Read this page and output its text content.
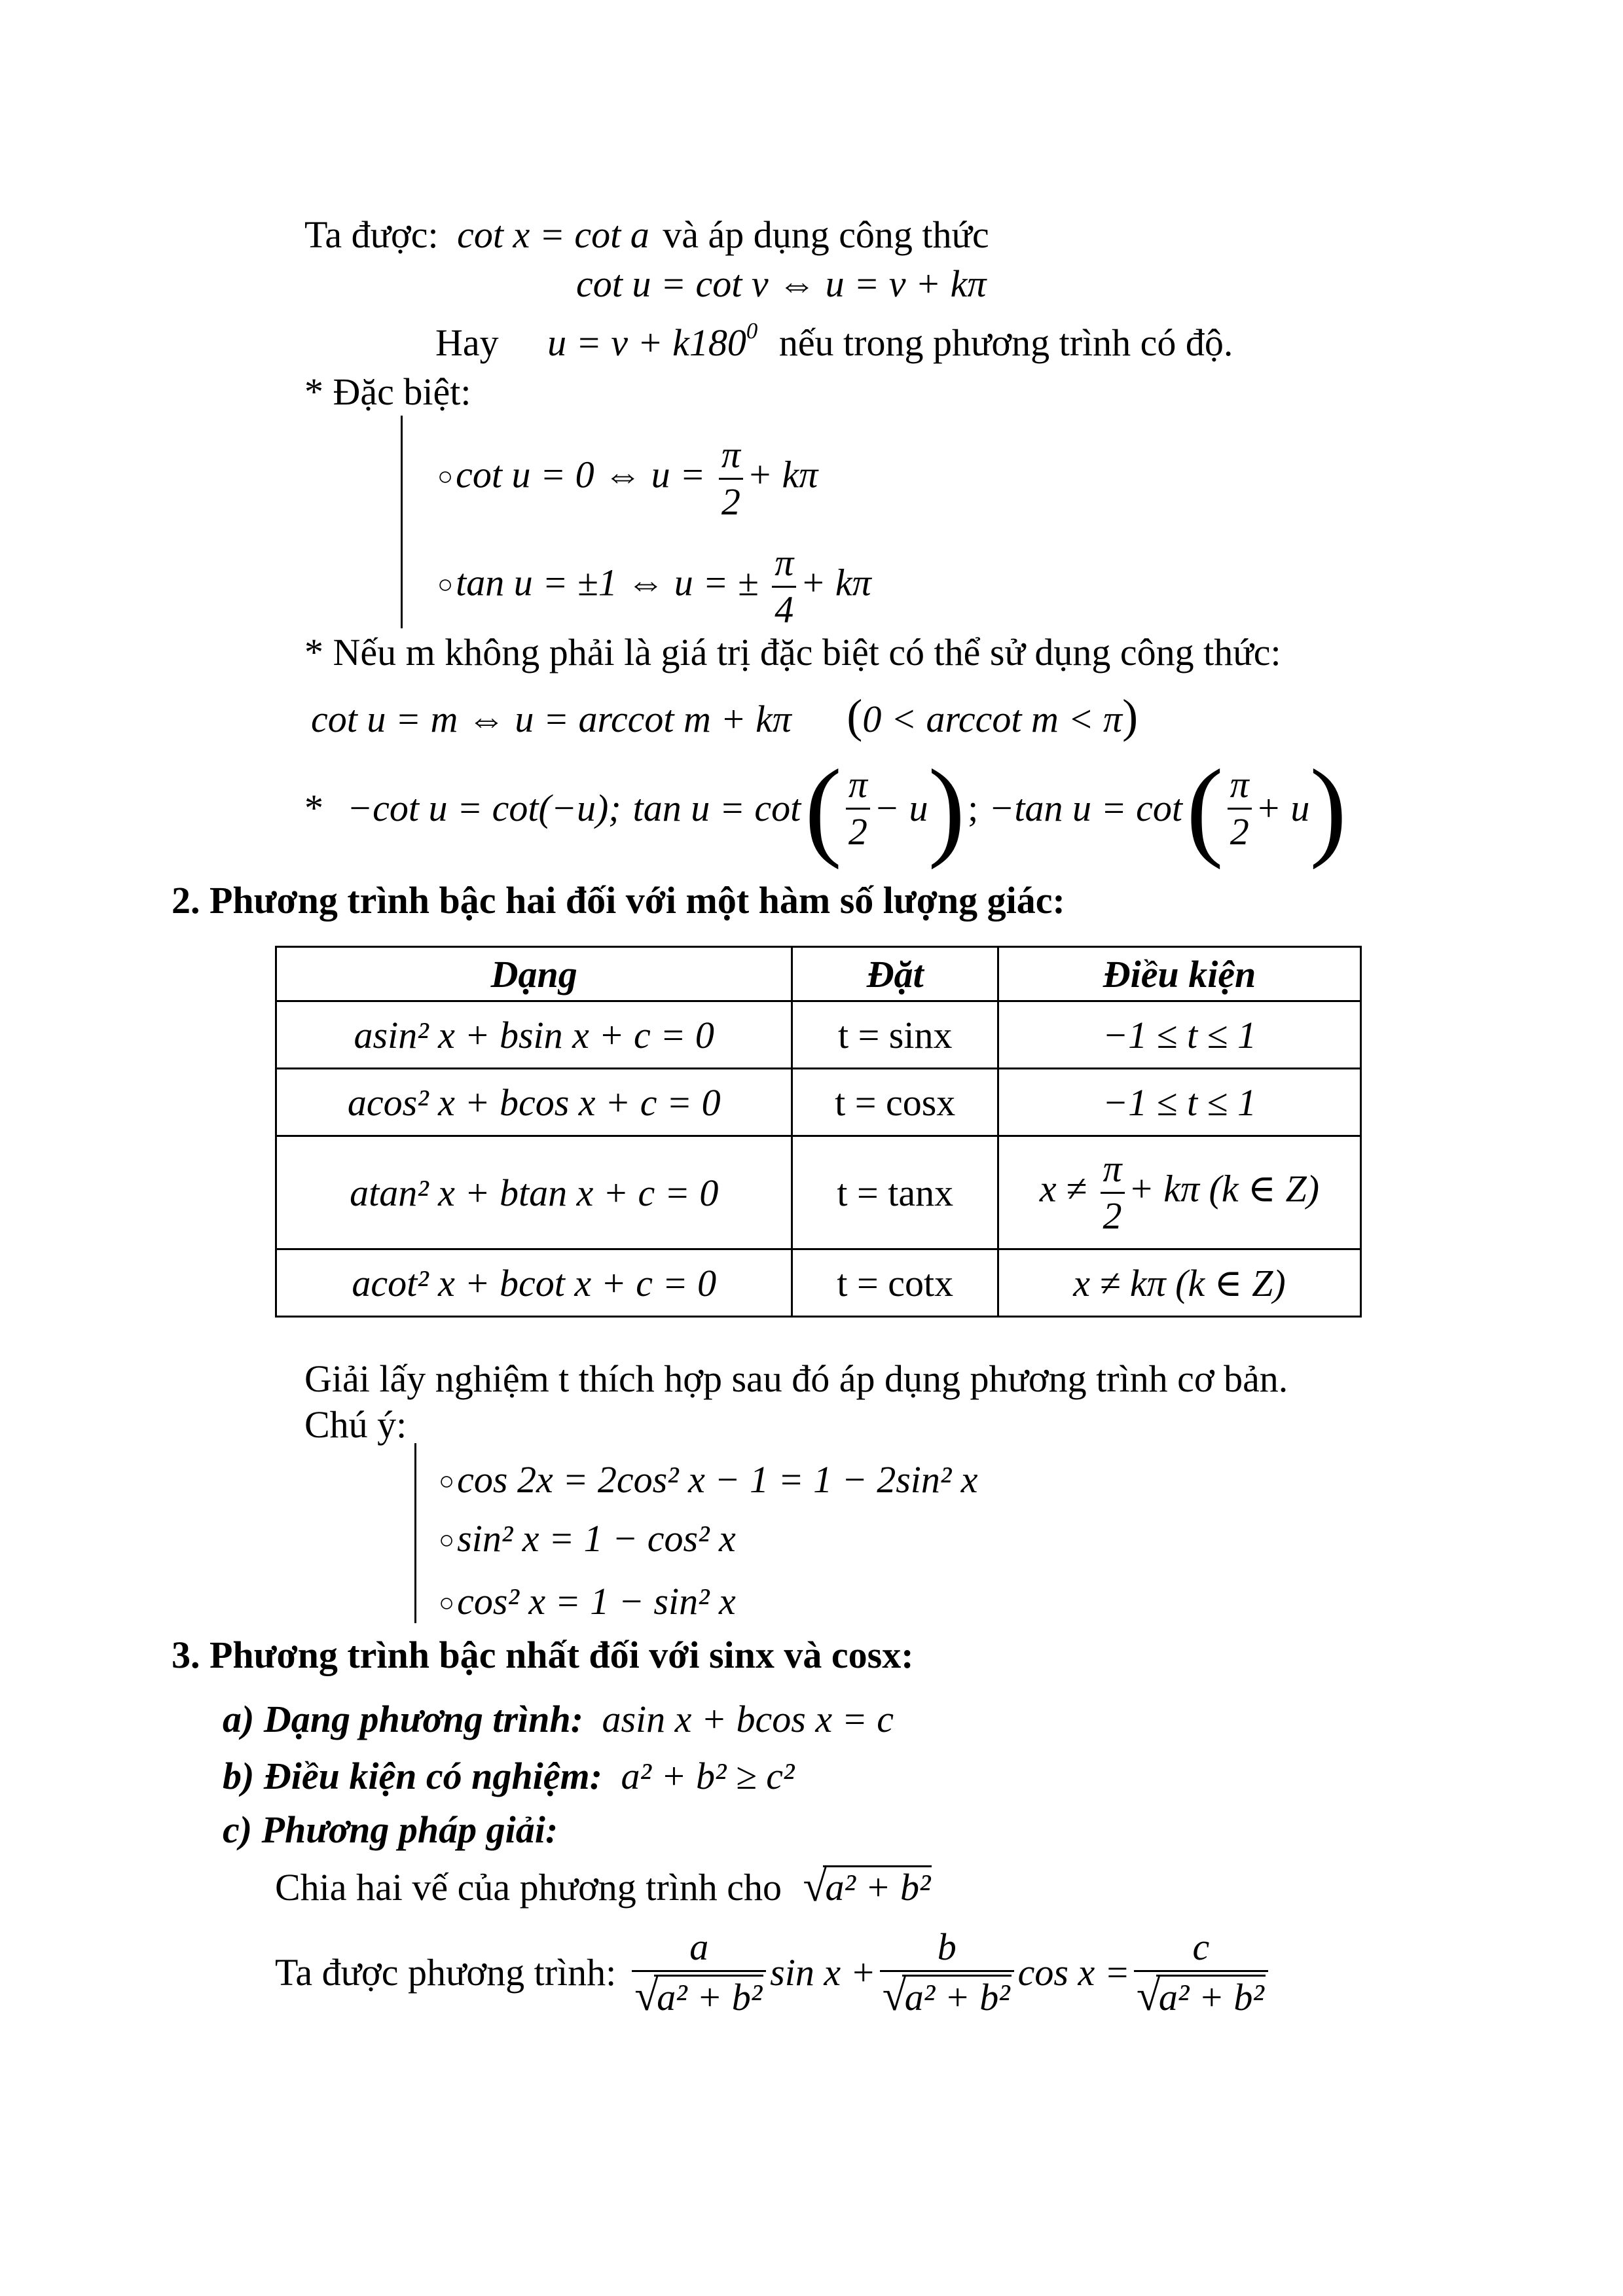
Ta được: cot x = cot a và áp dụng công thức
cot u = cot v ⇔ u = v + kπ
Hay $u = v + k180^0$ nếu trong phương trình có độ.
* Đặc biệt:
○cot u = 0 ⇔ $u = \frac{\pi}{2} + k\pi$
○tan u = ±1 ⇔ u = ± $\frac{\pi}{4} + k\pi$
* Nếu m không phải là giá trị đặc biệt có thể sử dụng công thức:
cot u = m ⇔ u = arccot m + kπ (0 < arccot m < π)
* −cot u = cot(−u); tan u = cot ( $\frac{\pi}{2} - u$ ) ; −tan u = cot ( $\frac{\pi}{2} + u$ )
2. Phương trình bậc hai đối với một hàm số lượng giác:
Dạng	Đặt	Điều kiện
asin² x + bsin x + c = 0	t = sinx	−1 ≤ t ≤ 1
acos² x + bcos x + c = 0	t = cosx	−1 ≤ t ≤ 1
atan² x + btan x + c = 0	t = tanx	$x \ne \frac{\pi}{2} + k\pi$ (k ∈ Z)
acot² x + bcot x + c = 0	t = cotx	x ≠ kπ (k ∈ Z)
Giải lấy nghiệm t thích hợp sau đó áp dụng phương trình cơ bản.
Chú ý:
○cos 2x = 2cos² x − 1 = 1 − 2sin² x
○sin² x = 1 − cos² x
○cos² x = 1 − sin² x
3. Phương trình bậc nhất đối với sinx và cosx:
a) Dạng phương trình: asin x + bcos x = c
b) Điều kiện có nghiệm: a² + b² ≥ c²
c) Phương pháp giải:
Chia hai vế của phương trình cho √
a² + b²
Ta được phương trình: a
√
a² + b² sin x + b
√
a² + b² cos x = c
√
a² + b²
